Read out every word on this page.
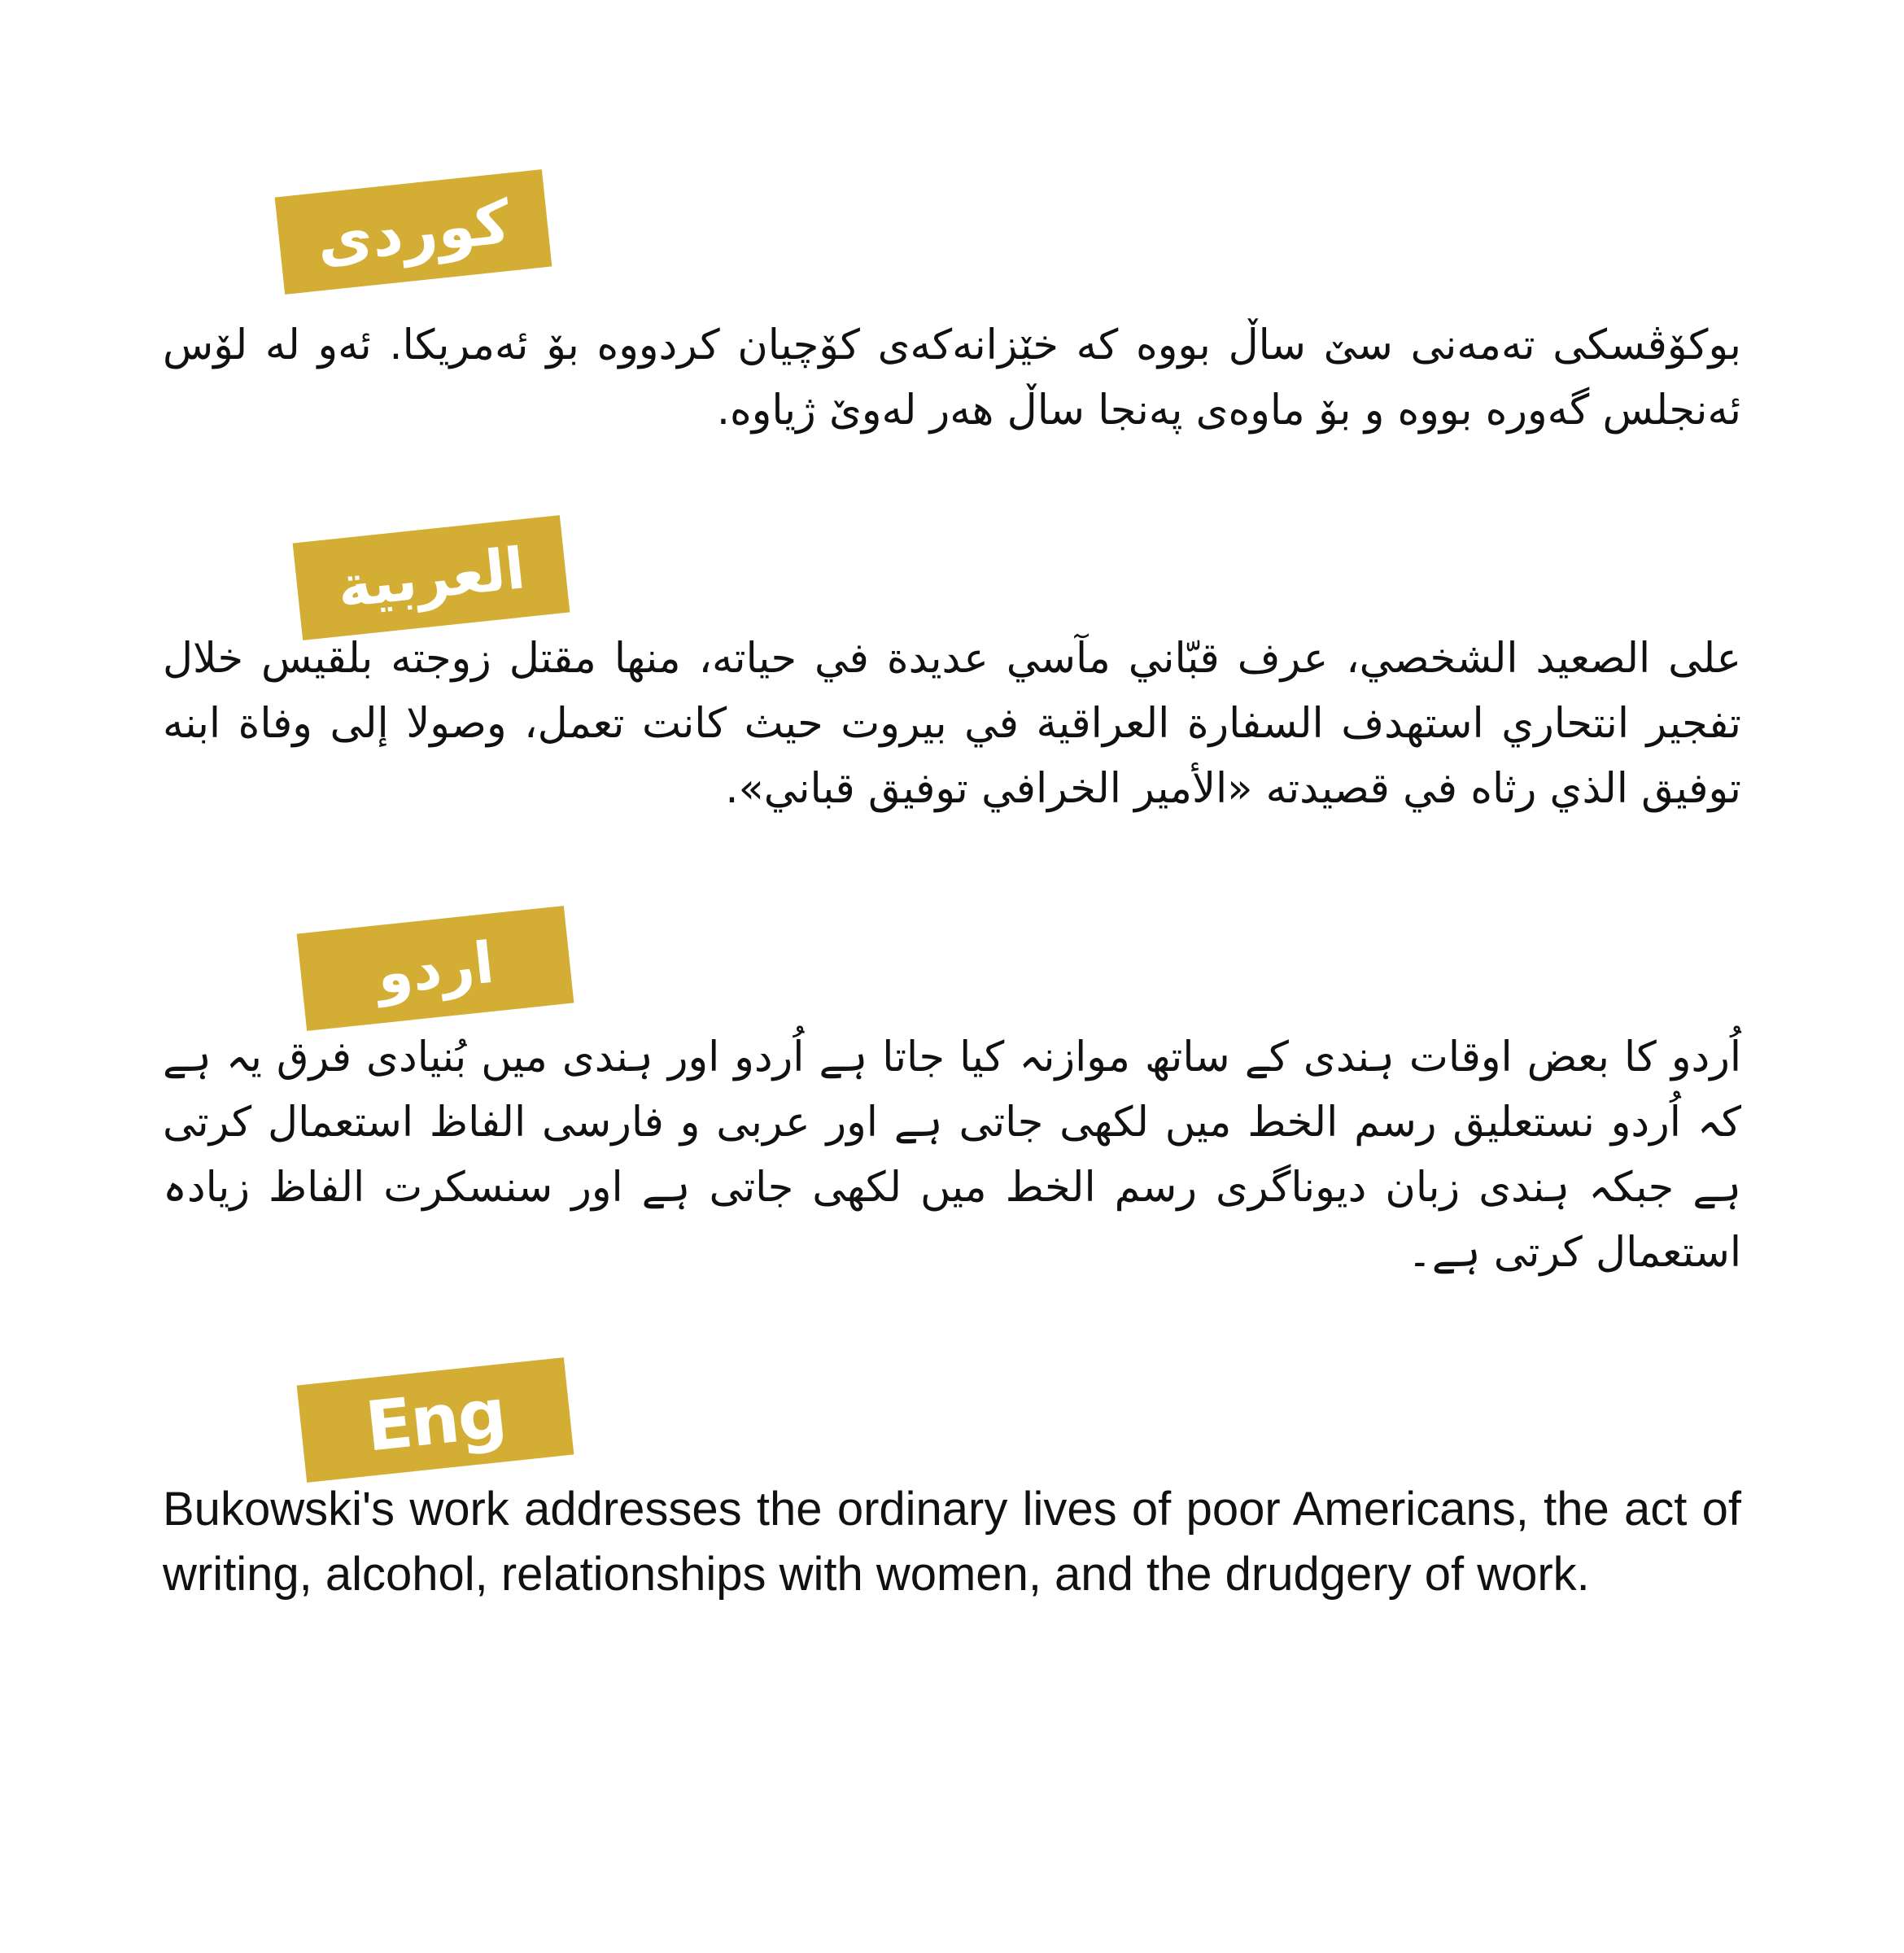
کوردی

بوکۆڤسکی تەمەنی سێ ساڵ بووە کە خێزانەکەی کۆچیان کردووە بۆ ئەمریکا. ئەو لە لۆس ئەنجلس گەورە بووە و بۆ ماوەی پەنجا ساڵ هەر لەوێ ژیاوە.

العربية

على الصعيد الشخصي، عرف قبّاني مآسي عديدة في حياته، منها مقتل زوجته بلقيس خلال تفجير انتحاري استهدف السفارة العراقية في بيروت حيث كانت تعمل، وصولا إلى وفاة ابنه توفيق الذي رثاه في قصيدته «الأمير الخرافي توفيق قباني».

اردو

اُردو کا بعض اوقات ہندی کے ساتھ موازنہ کیا جاتا ہے اُردو اور ہندی میں بُنیادی فرق یہ ہے کہ اُردو نستعلیق رسم الخط میں لکھی جاتی ہے اور عربی و فارسی الفاظ استعمال کرتی ہے جبکہ ہندی زبان دیوناگری رسم الخط میں لکھی جاتی ہے اور سنسکرت الفاظ زیادہ استعمال کرتی ہے۔

Eng

Bukowski's work addresses the ordinary lives of poor Americans, the act of writing, alcohol, relationships with women, and the drudgery of work.
